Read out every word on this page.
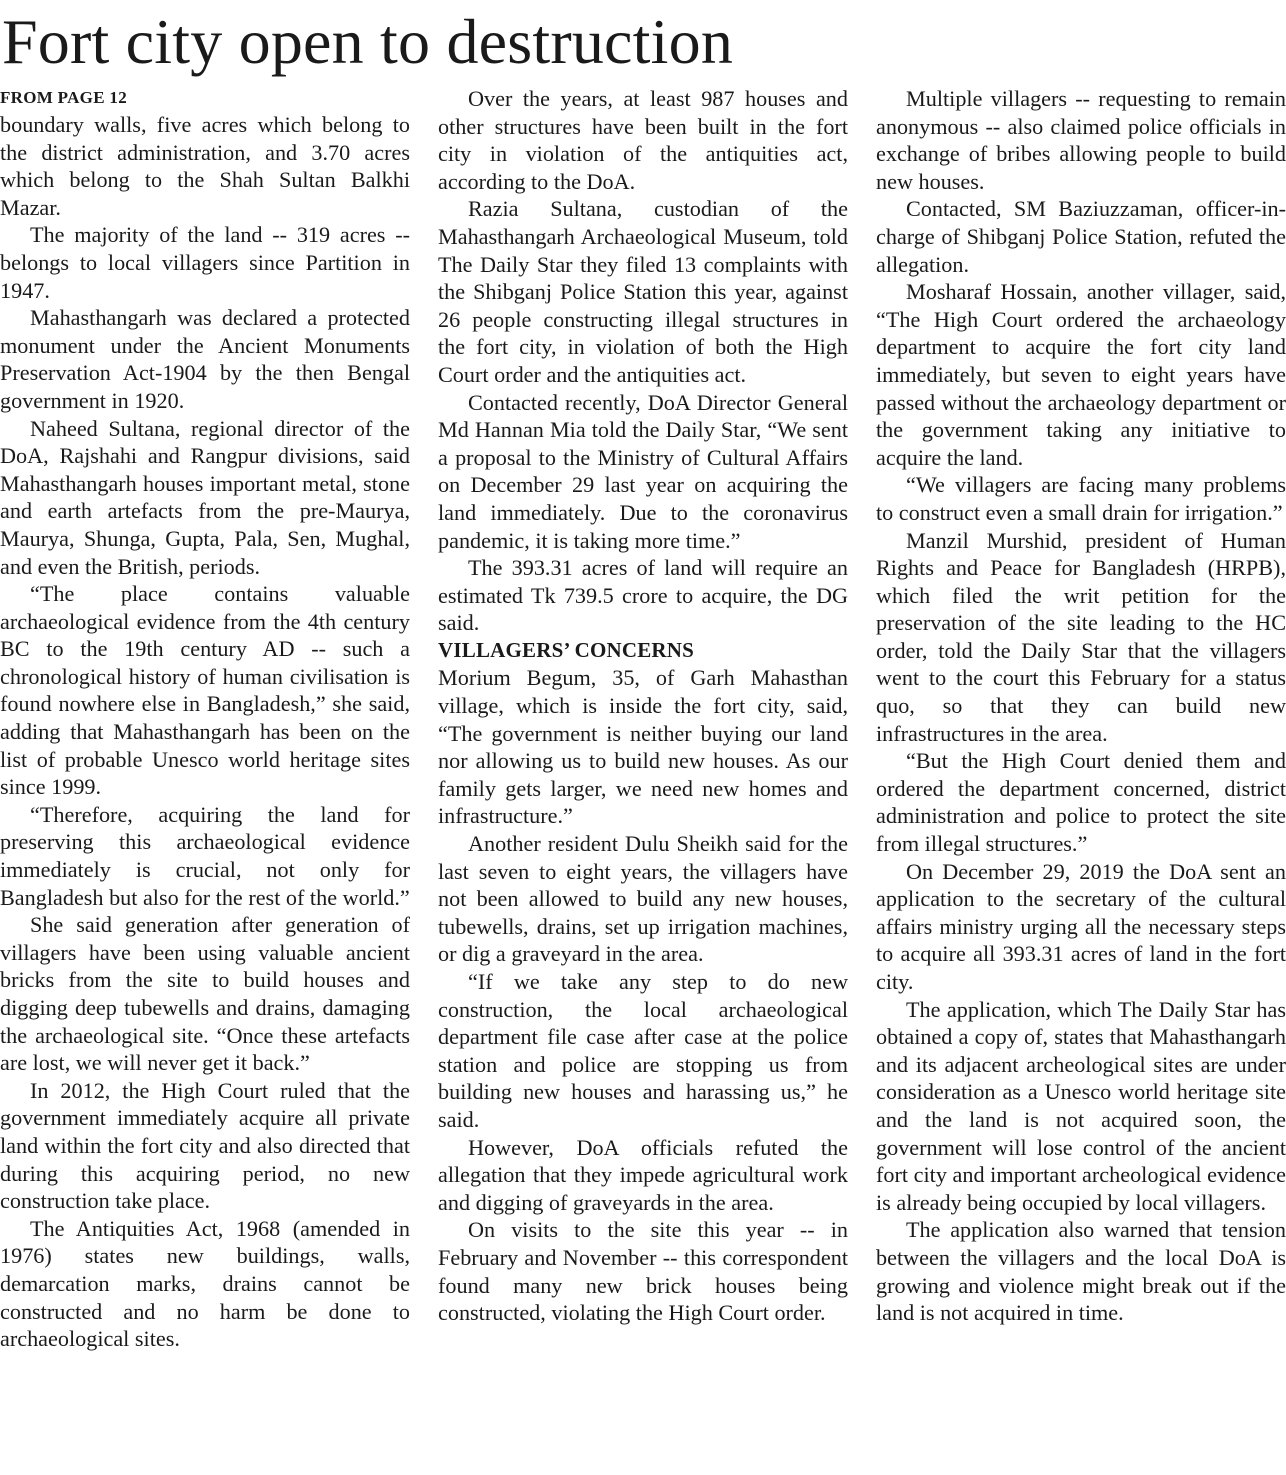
Fort city open to destruction
FROM PAGE 12

boundary walls, five acres which belong to the district administration, and 3.70 acres which belong to the Shah Sultan Balkhi Mazar.

The majority of the land -- 319 acres -- belongs to local villagers since Partition in 1947.

Mahasthangarh was declared a protected monument under the Ancient Monuments Preservation Act-1904 by the then Bengal government in 1920.

Naheed Sultana, regional director of the DoA, Rajshahi and Rangpur divisions, said Mahasthangarh houses important metal, stone and earth artefacts from the pre-Maurya, Maurya, Shunga, Gupta, Pala, Sen, Mughal, and even the British, periods.

“The place contains valuable archaeological evidence from the 4th century BC to the 19th century AD -- such a chronological history of human civilisation is found nowhere else in Bangladesh,” she said, adding that Mahasthangarh has been on the list of probable Unesco world heritage sites since 1999.

“Therefore, acquiring the land for preserving this archaeological evidence immediately is crucial, not only for Bangladesh but also for the rest of the world.”

She said generation after generation of villagers have been using valuable ancient bricks from the site to build houses and digging deep tubewells and drains, damaging the archaeological site. “Once these artefacts are lost, we will never get it back.”

In 2012, the High Court ruled that the government immediately acquire all private land within the fort city and also directed that during this acquiring period, no new construction take place.

The Antiquities Act, 1968 (amended in 1976) states new buildings, walls, demarcation marks, drains cannot be constructed and no harm be done to archaeological sites.

Over the years, at least 987 houses and other structures have been built in the fort city in violation of the antiquities act, according to the DoA.

Razia Sultana, custodian of the Mahasthangarh Archaeological Museum, told The Daily Star they filed 13 complaints with the Shibganj Police Station this year, against 26 people constructing illegal structures in the fort city, in violation of both the High Court order and the antiquities act.

Contacted recently, DoA Director General Md Hannan Mia told the Daily Star, “We sent a proposal to the Ministry of Cultural Affairs on December 29 last year on acquiring the land immediately. Due to the coronavirus pandemic, it is taking more time.”

The 393.31 acres of land will require an estimated Tk 739.5 crore to acquire, the DG said.

VILLAGERS’ CONCERNS

Morium Begum, 35, of Garh Mahasthan village, which is inside the fort city, said, “The government is neither buying our land nor allowing us to build new houses. As our family gets larger, we need new homes and infrastructure.”

Another resident Dulu Sheikh said for the last seven to eight years, the villagers have not been allowed to build any new houses, tubewells, drains, set up irrigation machines, or dig a graveyard in the area.

“If we take any step to do new construction, the local archaeological department file case after case at the police station and police are stopping us from building new houses and harassing us,” he said.

However, DoA officials refuted the allegation that they impede agricultural work and digging of graveyards in the area.

On visits to the site this year -- in February and November -- this correspondent found many new brick houses being constructed, violating the High Court order.

Multiple villagers -- requesting to remain anonymous -- also claimed police officials in exchange of bribes allowing people to build new houses.

Contacted, SM Baziuzzaman, officer-in-charge of Shibganj Police Station, refuted the allegation.

Mosharaf Hossain, another villager, said, “The High Court ordered the archaeology department to acquire the fort city land immediately, but seven to eight years have passed without the archaeology department or the government taking any initiative to acquire the land.

“We villagers are facing many problems to construct even a small drain for irrigation.”

Manzil Murshid, president of Human Rights and Peace for Bangladesh (HRPB), which filed the writ petition for the preservation of the site leading to the HC order, told the Daily Star that the villagers went to the court this February for a status quo, so that they can build new infrastructures in the area.

“But the High Court denied them and ordered the department concerned, district administration and police to protect the site from illegal structures.”

On December 29, 2019 the DoA sent an application to the secretary of the cultural affairs ministry urging all the necessary steps to acquire all 393.31 acres of land in the fort city.

The application, which The Daily Star has obtained a copy of, states that Mahasthangarh and its adjacent archeological sites are under consideration as a Unesco world heritage site and the land is not acquired soon, the government will lose control of the ancient fort city and important archeological evidence is already being occupied by local villagers.

The application also warned that tension between the villagers and the local DoA is growing and violence might break out if the land is not acquired in time.
